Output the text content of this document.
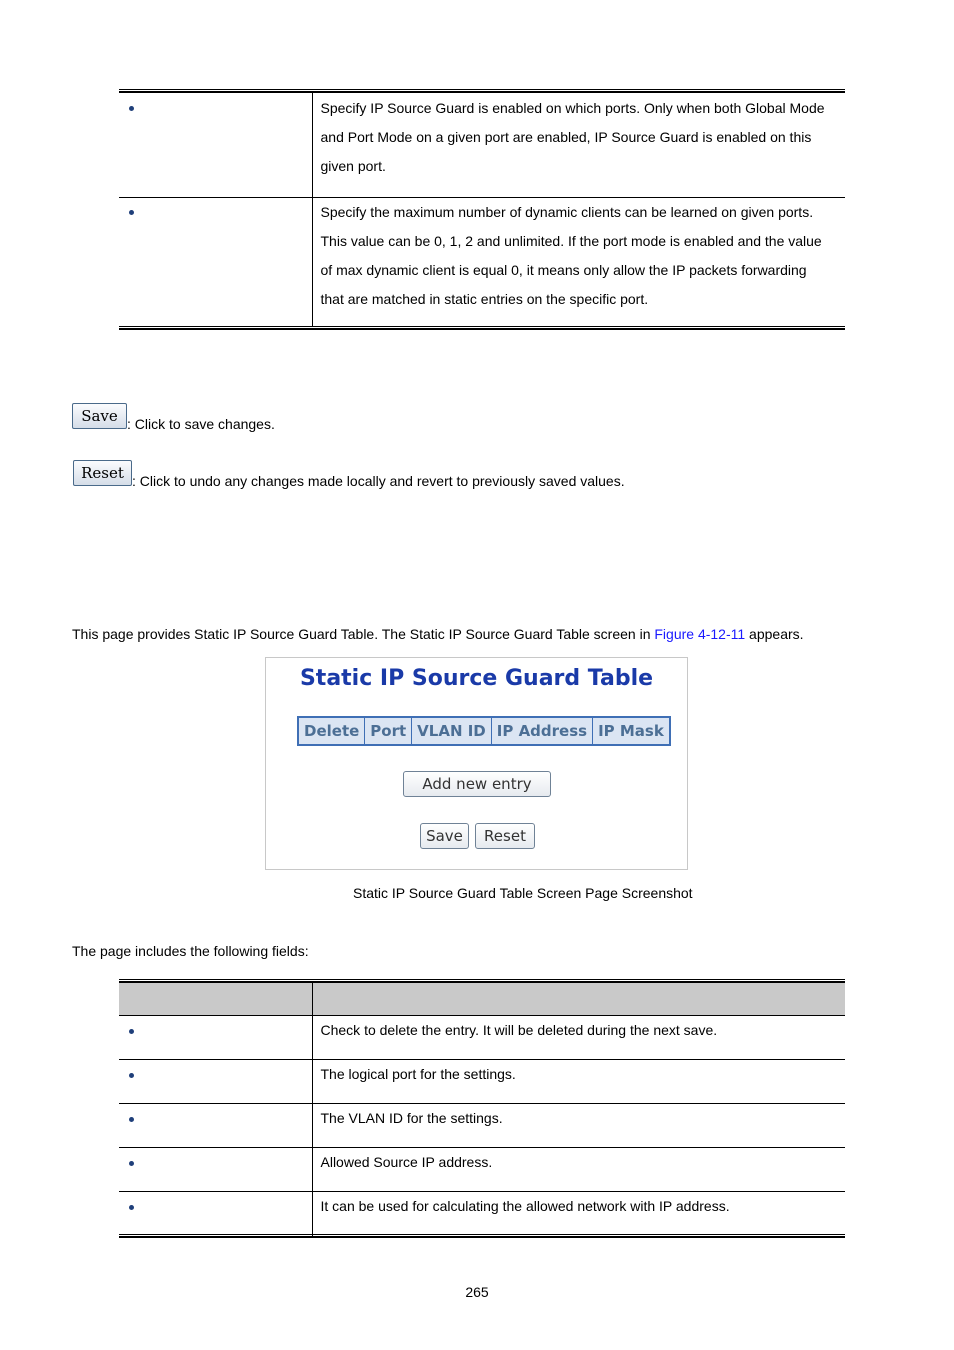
	Specify IP Source Guard is enabled on which ports. Only when both Global Mode
and Port Mode on a given port are enabled, IP Source Guard is enabled on this
given port.

	Specify the maximum number of dynamic clients can be learned on given ports.
This value can be 0, 1, 2 and unlimited. If the port mode is enabled and the value
of max dynamic client is equal 0, it means only allow the IP packets forwarding
that are matched in static entries on the specific port.
Save : Click to save changes.
Reset : Click to undo any changes made locally and revert to previously saved values.
This page provides Static IP Source Guard Table. The Static IP Source Guard Table screen in Figure 4-12-11 appears.
Static IP Source Guard Table
Delete Port VLAN ID IP Address IP Mask
Add new entry
Save	Reset
Static IP Source Guard Table Screen Page Screenshot
The page includes the following fields:

	Check to delete the entry. It will be deleted during the next save.
	The logical port for the settings.
	The VLAN ID for the settings.
	Allowed Source IP address.
	It can be used for calculating the allowed network with IP address.
265
